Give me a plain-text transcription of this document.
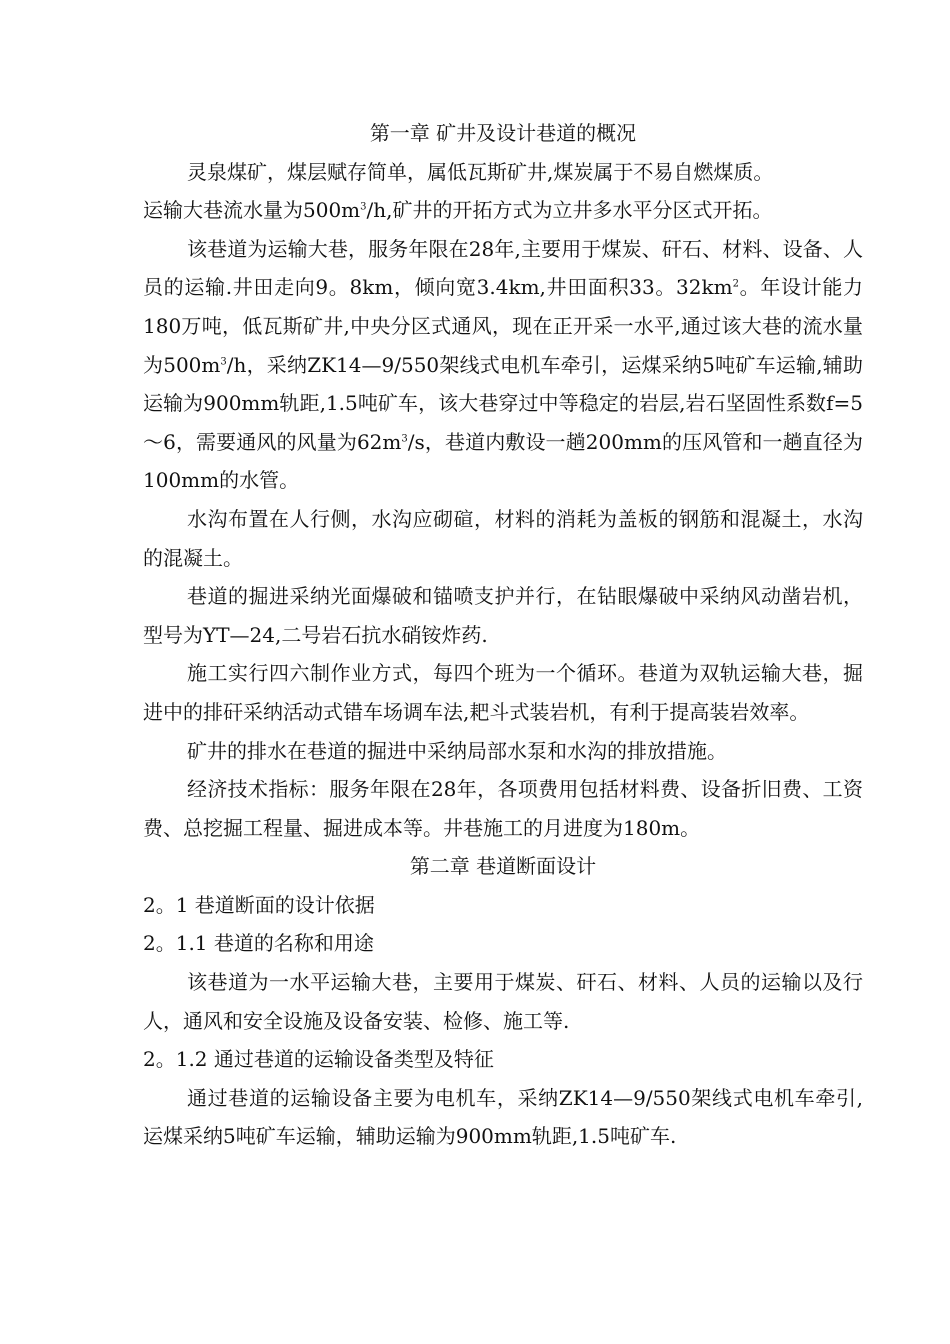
第一章 矿井及设计巷道的概况

灵泉煤矿，煤层赋存简单，属低瓦斯矿井,煤炭属于不易自燃煤质。
运输大巷流水量为$500m^3/h$,矿井的开拓方式为立井多水平分区式开拓。

该巷道为运输大巷，服务年限在28年,主要用于煤炭、矸石、材料、设备、人员的运输.井田走向9。8km，倾向宽3.4km,井田面积33。$32km^2$。年设计能力180万吨，低瓦斯矿井,中央分区式通风，现在正开采一水平,通过该大巷的流水量为$500m^3/h$，采纳ZK14—9/550架线式电机车牵引，运煤采纳5吨矿车运输,辅助运输为900mm轨距,1.5吨矿车，该大巷穿过中等稳定的岩层,岩石坚固性系数f=5～6，需要通风的风量为$62m^3/s$，巷道内敷设一趟200mm的压风管和一趟直径为100mm的水管。

水沟布置在人行侧，水沟应砌碹，材料的消耗为盖板的钢筋和混凝土，水沟的混凝土。

巷道的掘进采纳光面爆破和锚喷支护并行，在钻眼爆破中采纳风动凿岩机，型号为YT—24,二号岩石抗水硝铵炸药.

施工实行四六制作业方式，每四个班为一个循环。巷道为双轨运输大巷，掘进中的排矸采纳活动式错车场调车法,耙斗式装岩机，有利于提高装岩效率。

矿井的排水在巷道的掘进中采纳局部水泵和水沟的排放措施。

经济技术指标：服务年限在28年，各项费用包括材料费、设备折旧费、工资费、总挖掘工程量、掘进成本等。井巷施工的月进度为180m。

第二章 巷道断面设计

2。1 巷道断面的设计依据

2。1.1 巷道的名称和用途

该巷道为一水平运输大巷，主要用于煤炭、矸石、材料、人员的运输以及行人，通风和安全设施及设备安装、检修、施工等.

2。1.2 通过巷道的运输设备类型及特征

通过巷道的运输设备主要为电机车，采纳ZK14—9/550架线式电机车牵引,运煤采纳5吨矿车运输，辅助运输为900mm轨距,1.5吨矿车.
